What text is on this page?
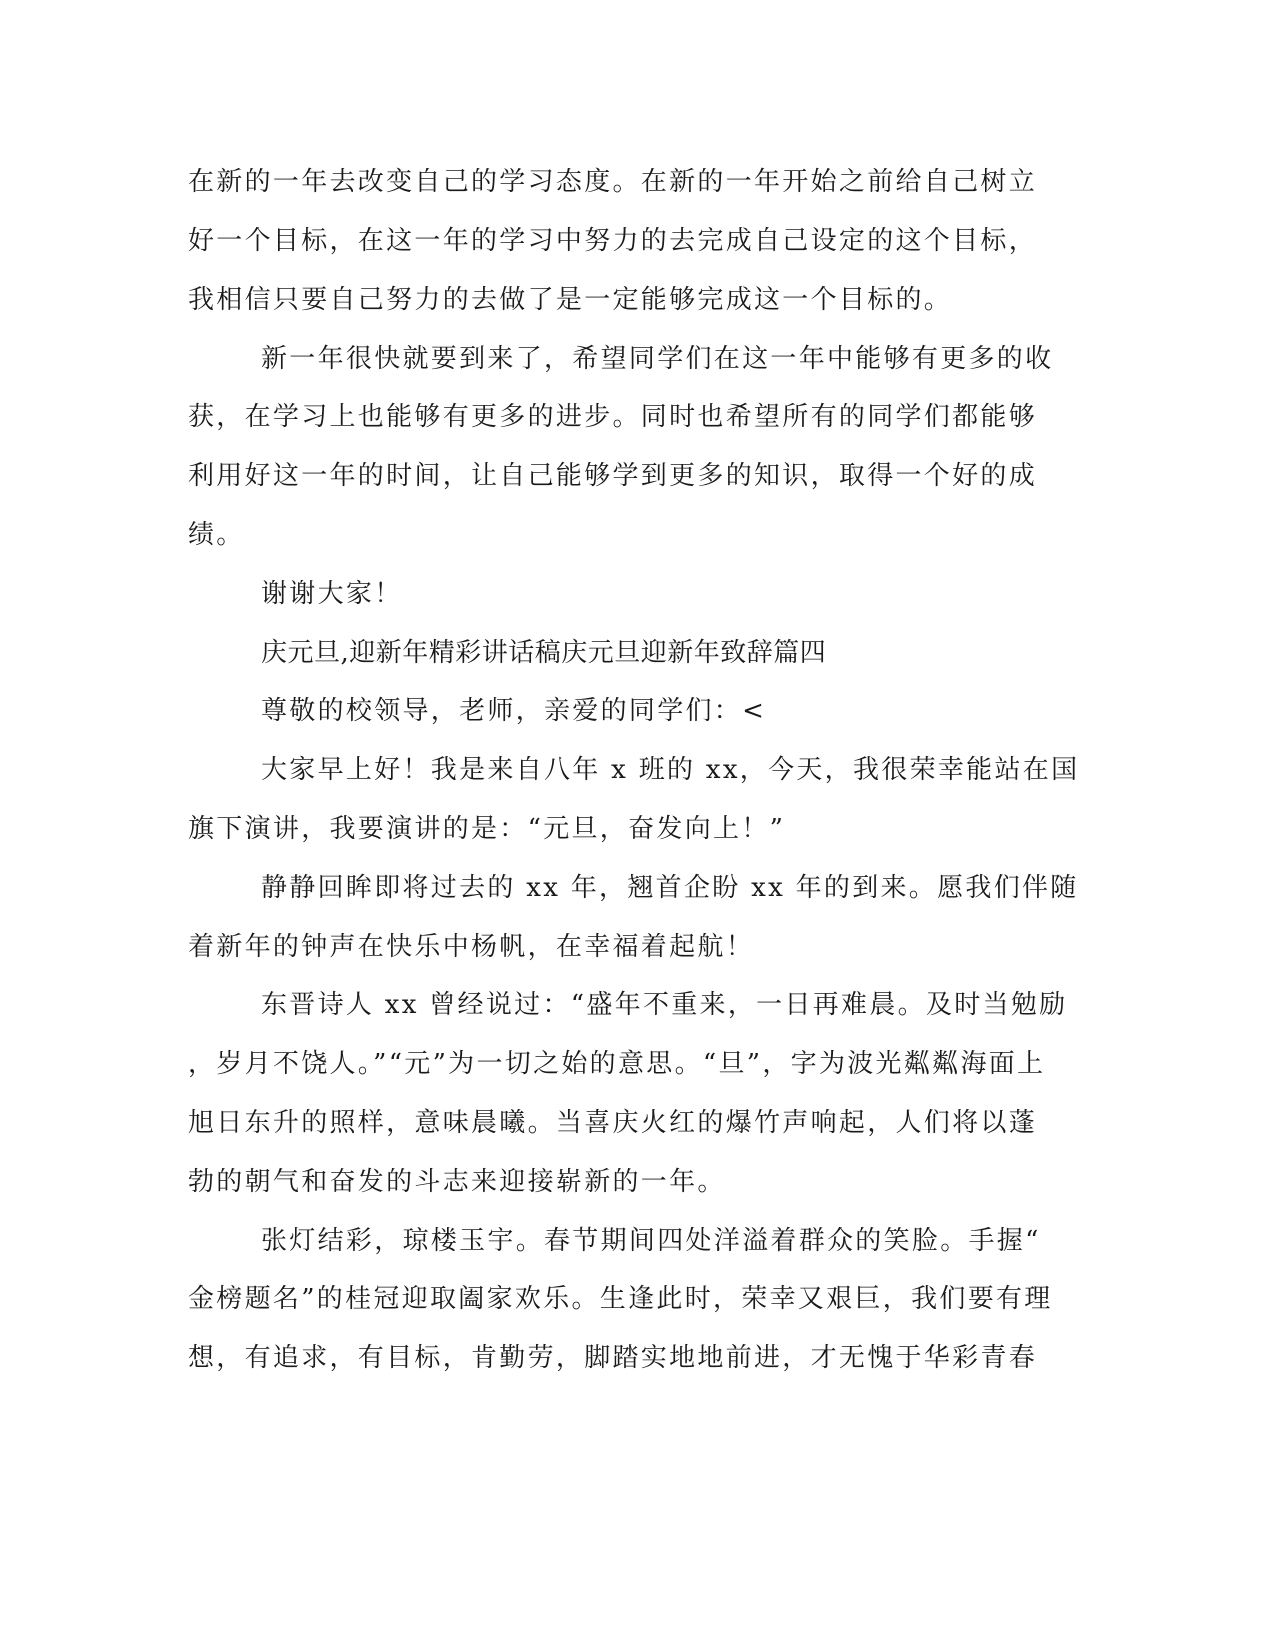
在新的一年去改变自己的学习态度。在新的一年开始之前给自己树立
好一个目标，在这一年的学习中努力的去完成自己设定的这个目标，
我相信只要自己努力的去做了是一定能够完成这一个目标的。
新一年很快就要到来了，希望同学们在这一年中能够有更多的收
获，在学习上也能够有更多的进步。同时也希望所有的同学们都能够
利用好这一年的时间，让自己能够学到更多的知识，取得一个好的成
绩。
谢谢大家！
庆元旦,迎新年精彩讲话稿庆元旦迎新年致辞篇四
尊敬的校领导，老师，亲爱的同学们：<
大家早上好！我是来自八年 x 班的 xx，今天，我很荣幸能站在国
旗下演讲，我要演讲的是：“元旦，奋发向上！”
静静回眸即将过去的 xx 年，翘首企盼 xx 年的到来。愿我们伴随
着新年的钟声在快乐中杨帆，在幸福着起航！
东晋诗人 xx 曾经说过：“盛年不重来，一日再难晨。及时当勉励
，岁月不饶人。”“元”为一切之始的意思。“旦”，字为波光粼粼海面上
旭日东升的照样，意味晨曦。当喜庆火红的爆竹声响起，人们将以蓬
勃的朝气和奋发的斗志来迎接崭新的一年。
张灯结彩，琼楼玉宇。春节期间四处洋溢着群众的笑脸。手握“
金榜题名”的桂冠迎取阖家欢乐。生逢此时，荣幸又艰巨，我们要有理
想，有追求，有目标，肯勤劳，脚踏实地地前进，才无愧于华彩青春
